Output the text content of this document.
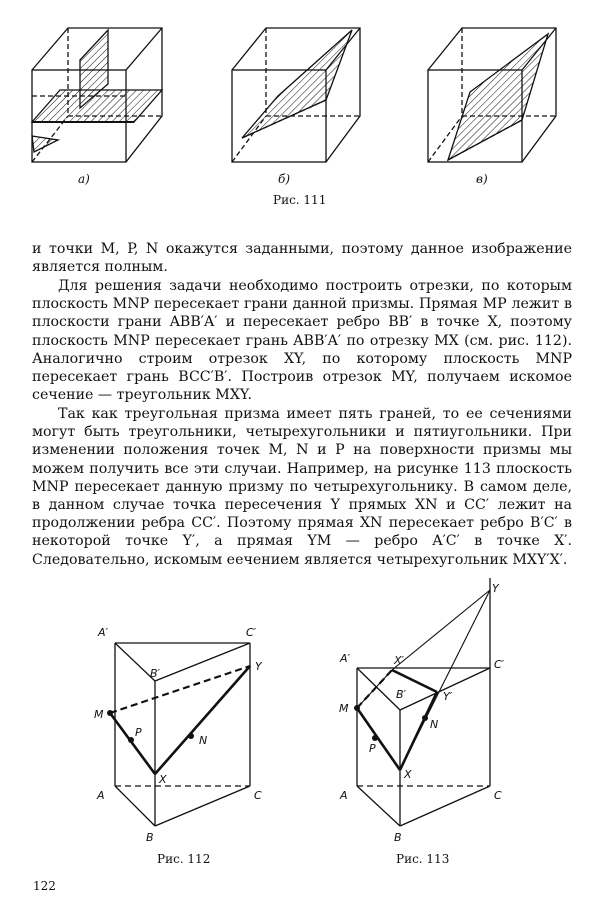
а)	б)	в)
Рис. 111

и точки M, P, N окажутся заданными, поэтому данное изображение является полным.

Для решения задачи необходимо построить отрезки, по которым плоскость MNP пересекает грани данной призмы. Прямая MP лежит в плоскости грани ABB′A′ и пересекает ребро BB′ в точке X, поэтому плоскость MNP пересекает грань ABB′A′ по отрезку MX (см. рис. 112). Аналогично строим отрезок XY, по которому плоскость MNP пересекает грань BCC′B′. Построив отрезок MY, получаем искомое сечение — треугольник MXY.

Так как треугольная призма имеет пять граней, то ее сечениями могут быть треугольники, четырехугольники и пятиугольники. При изменении положения точек M, N и P на поверхности призмы мы можем получить все эти случаи. Например, на рисунке 113 плоскость MNP пересекает данную призму по четырехугольнику. В самом деле, в данном случае точка пересечения Y прямых XN и CC′ лежит на продолжении ребра CC′. Поэтому прямая XN пересекает ребро B′C′ в некоторой точке Y′, а прямая YM — ребро A′C′ в точке X′. Следовательно, искомым еечением является четырехугольник MXY′X′.

A′	C′
B′
Y
M
P
N
X
A
B
C
Рис. 112
Y
A′	X′	C′
B′	Y′
M
N
P
X
A	C
B
Рис. 113
122
